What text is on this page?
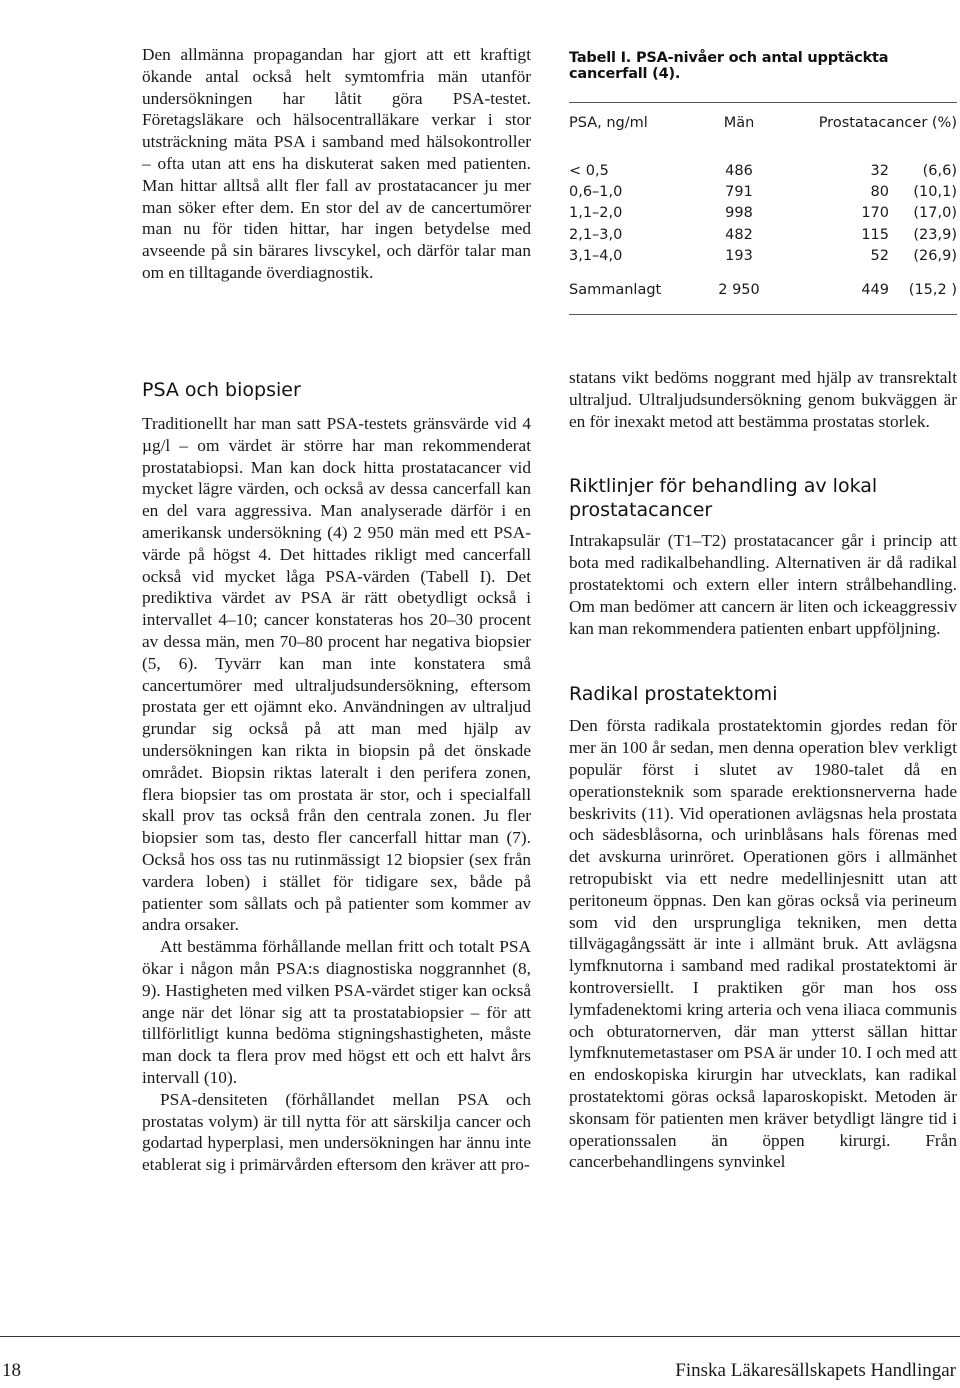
Den allmänna propagandan har gjort att ett kraftigt ökande antal också helt symtomfria män utanför undersökningen har låtit göra PSA-testet. Företagsläkare och hälsocentralläkare verkar i stor utsträckning mäta PSA i samband med hälsokontroller – ofta utan att ens ha diskuterat saken med patienten. Man hittar alltså allt fler fall av prostatacancer ju mer man söker efter dem. En stor del av de cancertumörer man nu för tiden hittar, har ingen betydelse med avseende på sin bärares livscykel, och därför talar man om en tilltagande överdiagnostik.

Tabell I. PSA-nivåer och antal upptäckta cancerfall (4).
PSA, ng/ml	Män	Prostatacancer (%)	

< 0,5	486	32	(6,6)
0,6–1,0	791	80	(10,1)
1,1–2,0	998	170	(17,0)
2,1–3,0	482	115	(23,9)
3,1–4,0	193	52	(26,9)
Sammanlagt	2 950	449	(15,2 )
PSA och biopsier

Traditionellt har man satt PSA-testets gränsvärde vid 4 µg/l – om värdet är större har man rekommenderat prostatabiopsi. Man kan dock hitta prostatacancer vid mycket lägre värden, och också av dessa cancerfall kan en del vara aggressiva. Man analyserade därför i en amerikansk undersökning (4) 2 950 män med ett PSA-värde på högst 4. Det hittades rikligt med cancerfall också vid mycket låga PSA-värden (Tabell I). Det prediktiva värdet av PSA är rätt obetydligt också i intervallet 4–10; cancer konstateras hos 20–30 procent av dessa män, men 70–80 procent har negativa biopsier (5, 6). Tyvärr kan man inte konstatera små cancertumörer med ultraljudsundersökning, eftersom prostata ger ett ojämnt eko. Användningen av ultraljud grundar sig också på att man med hjälp av undersökningen kan rikta in biopsin på det önskade området. Biopsin riktas lateralt i den perifera zonen, flera biopsier tas om prostata är stor, och i specialfall skall prov tas också från den centrala zonen. Ju fler biopsier som tas, desto fler cancerfall hittar man (7). Också hos oss tas nu rutinmässigt 12 biopsier (sex från vardera loben) i stället för tidigare sex, både på patienter som sållats och på patienter som kommer av andra orsaker.

Att bestämma förhållande mellan fritt och totalt PSA ökar i någon mån PSA:s diagnostiska noggrannhet (8, 9). Hastigheten med vilken PSA-värdet stiger kan också ange när det lönar sig att ta prostatabiopsier – för att tillförlitligt kunna bedöma stigningshastigheten, måste man dock ta flera prov med högst ett och ett halvt års intervall (10).

PSA-densiteten (förhållandet mellan PSA och prostatas volym) är till nytta för att särskilja cancer och godartad hyperplasi, men undersökningen har ännu inte etablerat sig i primärvården eftersom den kräver att pro-

statans vikt bedöms noggrant med hjälp av transrektalt ultraljud. Ultraljudsundersökning genom bukväggen är en för inexakt metod att bestämma prostatas storlek.

Riktlinjer för behandling av lokal prostatacancer

Intrakapsulär (T1–T2) prostatacancer går i princip att bota med radikalbehandling. Alternativen är då radikal prostatektomi och extern eller intern strålbehandling. Om man bedömer att cancern är liten och ickeaggressiv kan man rekommendera patienten enbart uppföljning.

Radikal prostatektomi

Den första radikala prostatektomin gjordes redan för mer än 100 år sedan, men denna operation blev verkligt populär först i slutet av 1980-talet då en operationsteknik som sparade erektionsnerverna hade beskrivits (11). Vid operationen avlägsnas hela prostata och sädesblåsorna, och urinblåsans hals förenas med det avskurna urinröret. Operationen görs i allmänhet retropubiskt via ett nedre medellinjesnitt utan att peritoneum öppnas. Den kan göras också via perineum som vid den ursprungliga tekniken, men detta tillvägagångssätt är inte i allmänt bruk. Att avlägsna lymfknutorna i samband med radikal prostatektomi är kontroversiellt. I praktiken gör man hos oss lymfadenektomi kring arteria och vena iliaca communis och obturatornerven, där man ytterst sällan hittar lymfknutemetastaser om PSA är under 10. I och med att en endoskopiska kirurgin har utvecklats, kan radikal prostatektomi göras också laparoskopiskt. Metoden är skonsam för patienten men kräver betydligt längre tid i operationssalen än öppen kirurgi. Från cancerbehandlingens synvinkel

18	Finska Läkaresällskapets Handlingar
